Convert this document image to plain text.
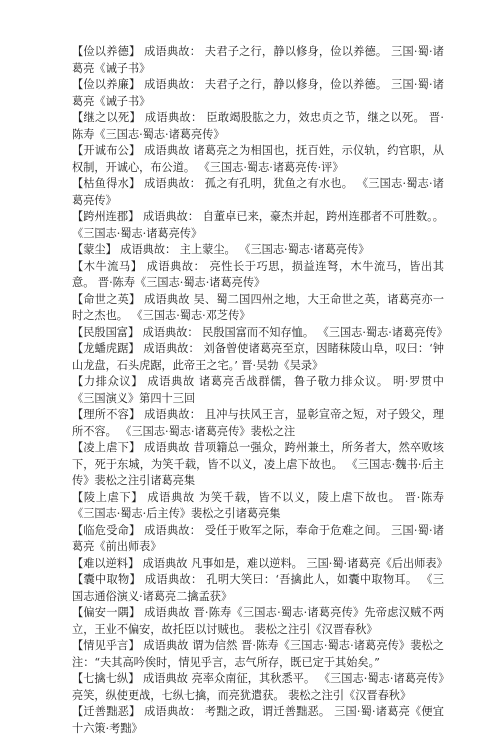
【俭以养德】 成语典故： 夫君子之行，静以修身，俭以养德。 三国·蜀·诸葛亮《诫子书》

【俭以养廉】 成语典故： 夫君子之行，静以修身，俭以养德。 三国·蜀·诸葛亮《诫子书》

【继之以死】 成语典故： 臣敢竭股肱之力，效忠贞之节，继之以死。 晋·陈寿《三国志·蜀志·诸葛亮传》

【开诚布公】 成语典故 诸葛亮之为相国也，抚百姓，示仪轨，约官职，从权制，开诚心，布公道。 《三国志·蜀志·诸葛亮传·评》

【枯鱼得水】 成语典故： 孤之有孔明，犹鱼之有水也。 《三国志·蜀志·诸葛亮传》

【跨州连郡】 成语典故： 自董卓已来，豪杰并起，跨州连郡者不可胜数。。《三国志·蜀志·诸葛亮传》

【蒙尘】 成语典故： 主上蒙尘。 《三国志·蜀志·诸葛亮传》

【木牛流马】 成语典故： 亮性长于巧思，损益连弩，木牛流马，皆出其意。 晋·陈寿《三国志·蜀志·诸葛亮传》

【命世之英】 成语典故 吴、蜀二国四州之地，大王命世之英，诸葛亮亦一时之杰也。 《三国志·蜀志·邓芝传》

【民殷国富】 成语典故： 民殷国富而不知存恤。 《三国志·蜀志·诸葛亮传》

【龙蟠虎踞】 成语典故： 刘备曾使诸葛亮至京，因睹秣陵山阜，叹曰：‘钟山龙盘，石头虎踞，此帝王之宅。’ 晋·吴勃《吴录》

【力排众议】 成语典故 诸葛亮舌战群儒，鲁子敬力排众议。 明·罗贯中《三国演义》第四十三回

【理所不容】 成语典故： 且冲与扶风王言，显彰宣帝之短，对子毁父，理所不容。 《三国志·蜀志·诸葛亮传》裴松之注

【凌上虐下】 成语典故 昔项籍总一强众，跨州兼土，所务者大，然卒败垓下，死于东城，为笑千载，皆不以义，凌上虐下故也。 《三国志·魏书·后主传》裴松之注引诸葛亮集

【陵上虐下】 成语典故 为笑千载，皆不以义，陵上虐下故也。 晋·陈寿《三国志·蜀志·后主传》裴松之引诸葛亮集

【临危受命】 成语典故： 受任于败军之际，奉命于危难之间。 三国·蜀·诸葛亮《前出师表》

【难以逆料】 成语典故 凡事如是，难以逆料。 三国·蜀·诸葛亮《后出师表》

【囊中取物】 成语典故： 孔明大笑曰：‘吾擒此人，如囊中取物耳。 《三国志通俗演义·诸葛亮二擒孟获》

【偏安一隅】 成语典故 晋·陈寿《三国志·蜀志·诸葛亮传》先帝虑汉贼不两立，王业不偏安，故托臣以讨贼也。 裴松之注引《汉晋春秋》

【情见乎言】 成语典故 谓为信然 晋·陈寿《三国志·蜀志·诸葛亮传》裴松之注：“夫其高吟俟时，情见乎言，志气所存，既已定于其始矣。”

【七擒七纵】 成语典故 亮率众南征，其秋悉平。 《三国志·蜀志·诸葛亮传》亮笑，纵使更战，七纵七擒，而亮犹遣获。 裴松之注引《汉晋春秋》

【迁善黜恶】 成语典故： 考黜之政，谓迁善黜恶。 三国·蜀·诸葛亮《便宜十六策·考黜》
